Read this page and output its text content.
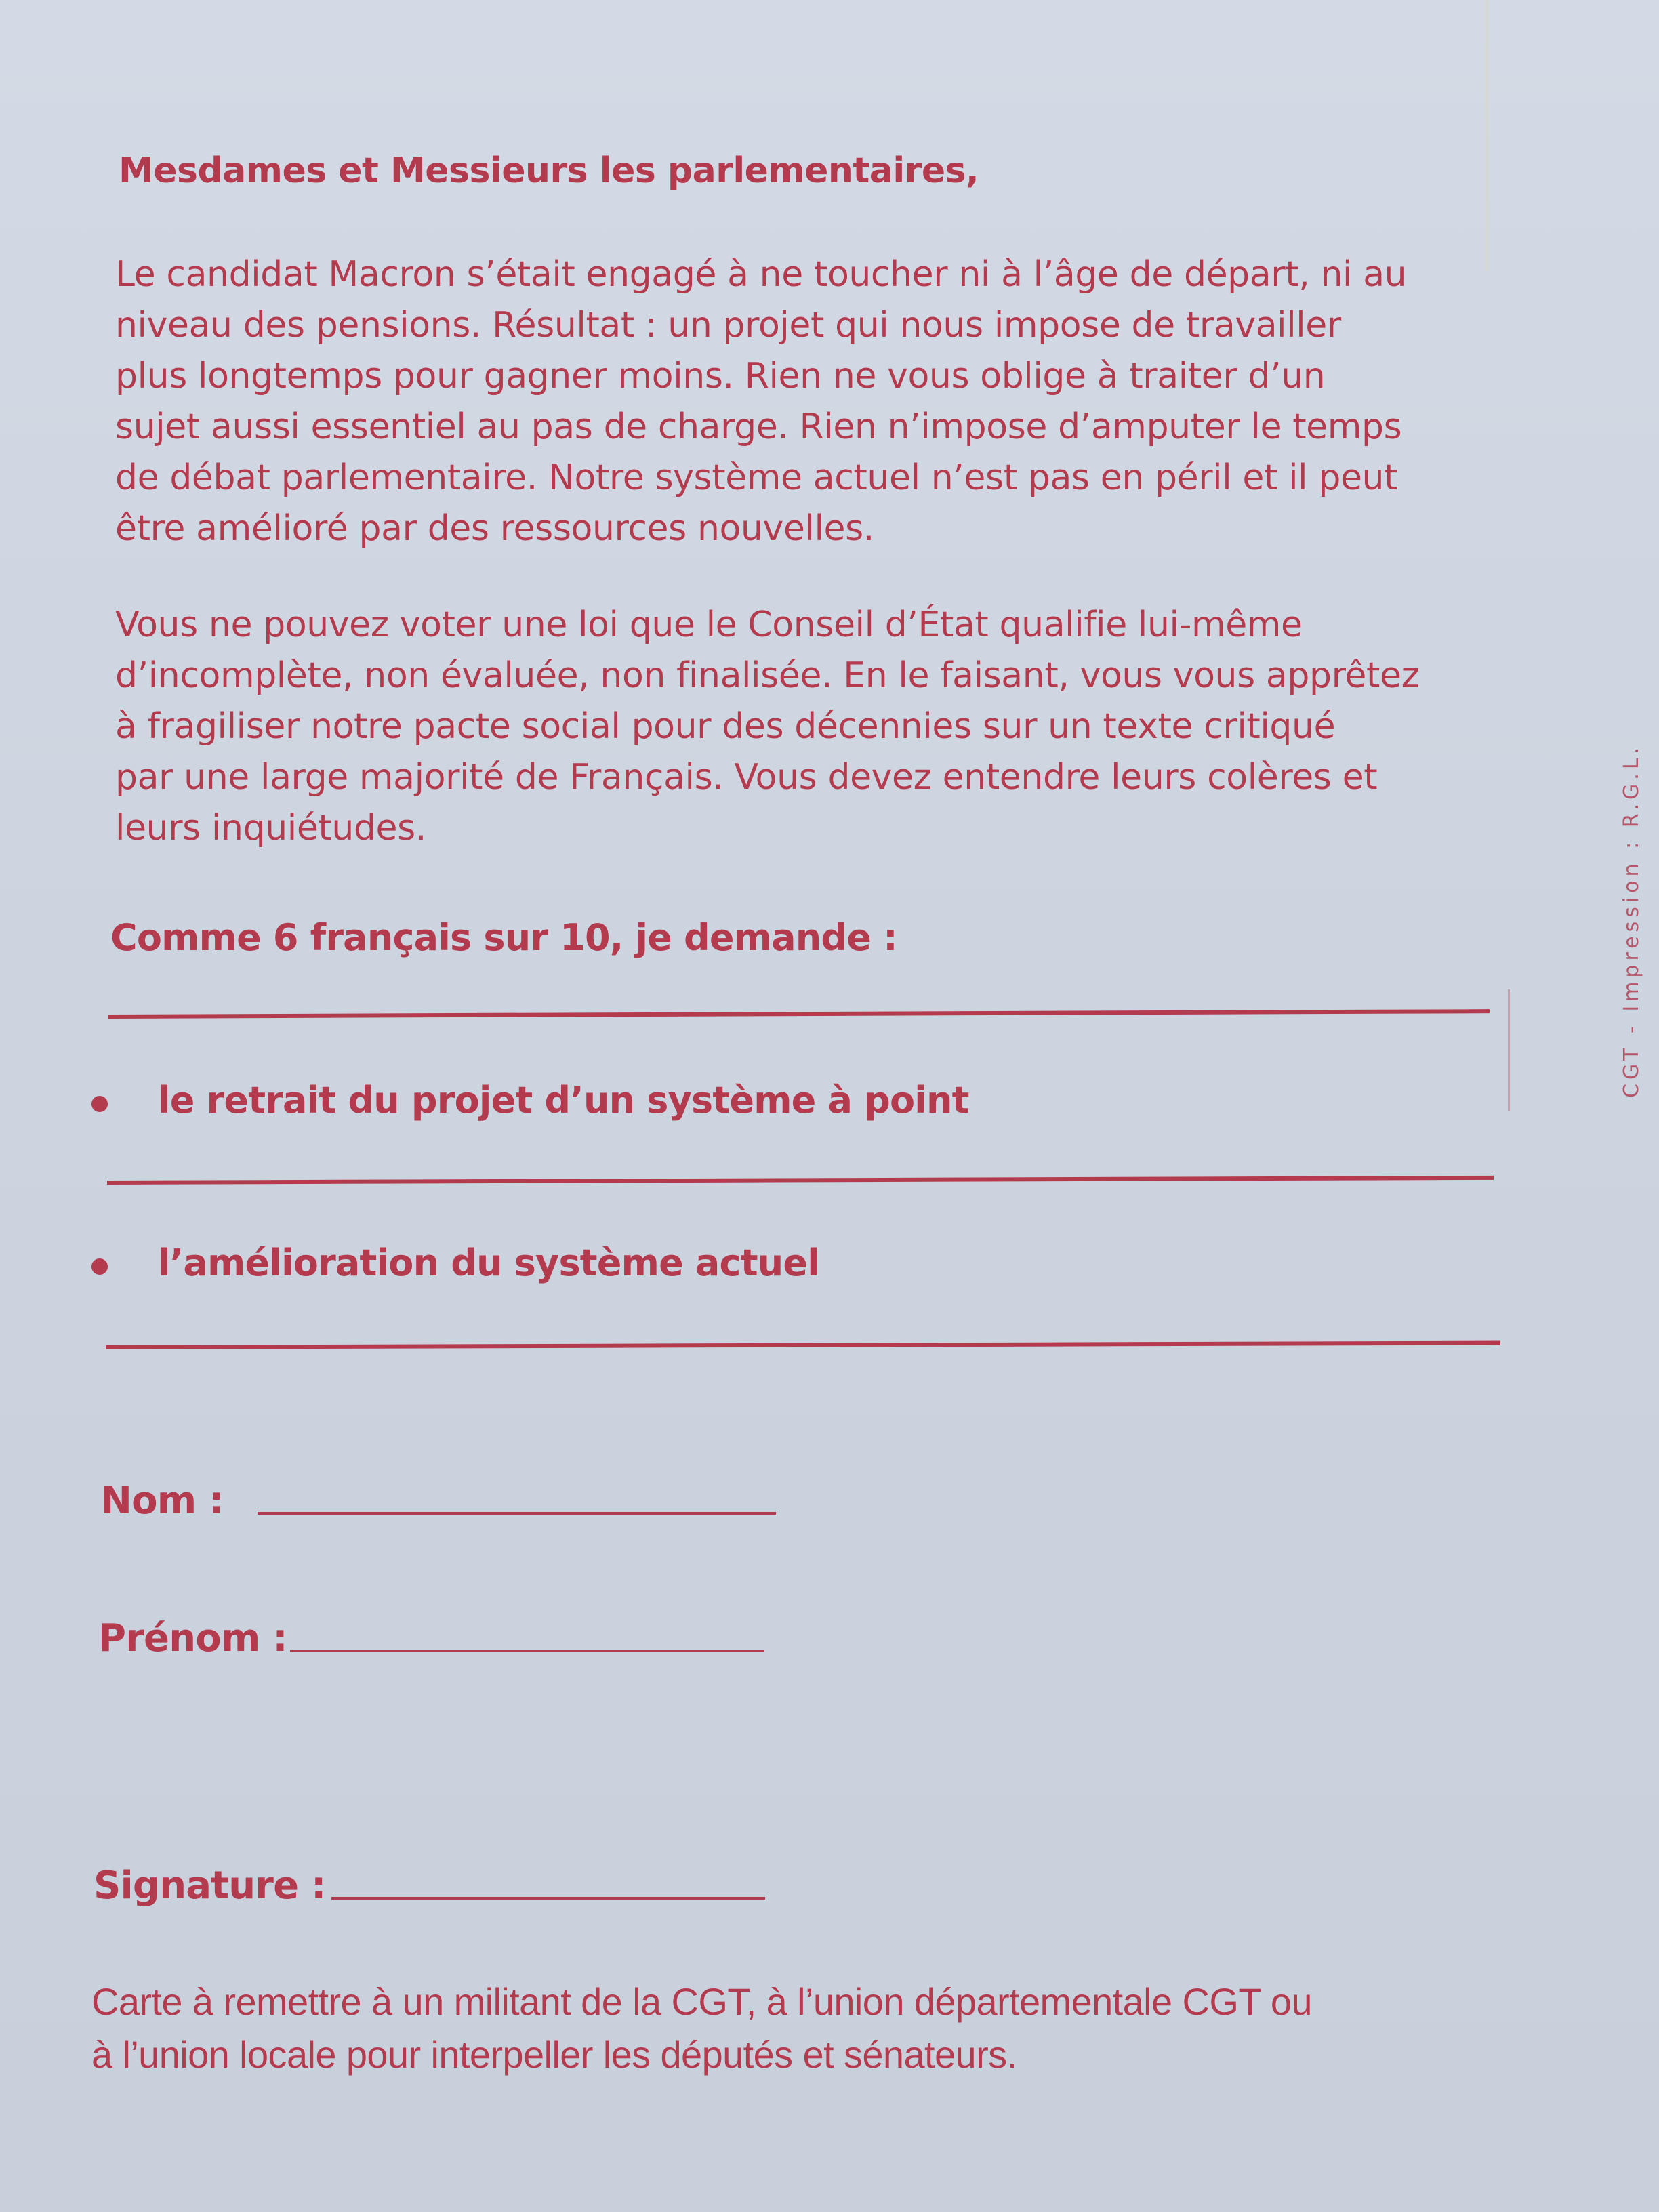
Mesdames et Messieurs les parlementaires,
Le candidat Macron s’était engagé à ne toucher ni à l’âge de départ, ni au
niveau des pensions. Résultat : un projet qui nous impose de travailler
plus longtemps pour gagner moins. Rien ne vous oblige à traiter d’un
sujet aussi essentiel au pas de charge. Rien n’impose d’amputer le temps
de débat parlementaire. Notre système actuel n’est pas en péril et il peut
être amélioré par des ressources nouvelles.
Vous ne pouvez voter une loi que le Conseil d’État qualifie lui-même
d’incomplète, non évaluée, non finalisée. En le faisant, vous vous apprêtez
à fragiliser notre pacte social pour des décennies sur un texte critiqué
par une large majorité de Français. Vous devez entendre leurs colères et
leurs inquiétudes.
Comme 6 français sur 10, je demande :
le retrait du projet d’un système à point
l’amélioration du système actuel
Nom :
Prénom :
Signature :
Carte à remettre à un militant de la CGT, à l’union départementale CGT ou
à l’union locale pour interpeller les députés et sénateurs.
CGT - Impression : R.G.L.
